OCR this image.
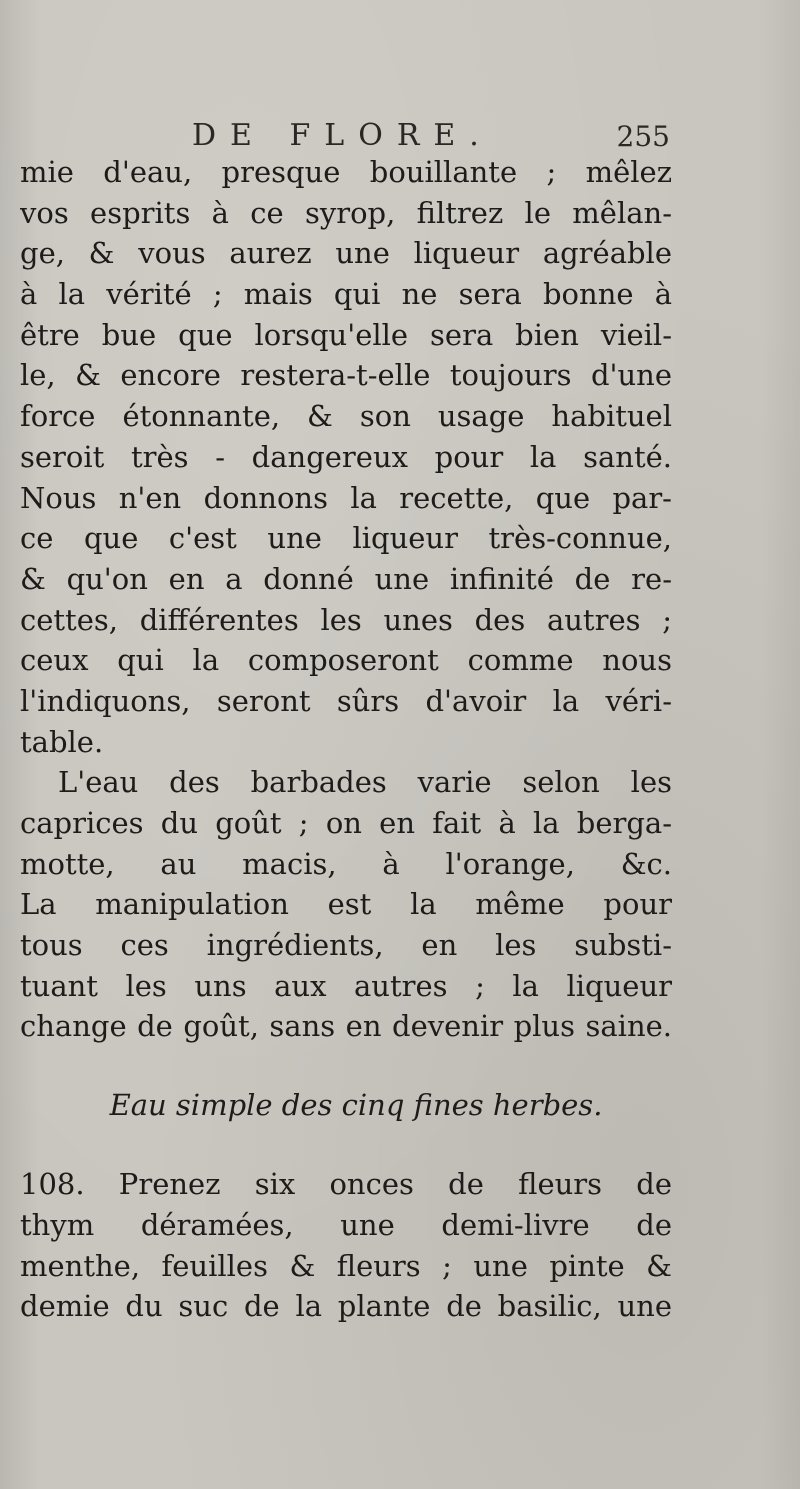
DE FLORE.	255
mie d'eau, presque bouillante ; mêlez
vos esprits à ce syrop, filtrez le mêlan-
ge, & vous aurez une liqueur agréable
à la vérité ; mais qui ne sera bonne à
être bue que lorsqu'elle sera bien vieil-
le, & encore restera-t-elle toujours d'une
force étonnante, & son usage habituel
seroit très - dangereux pour la santé.
Nous n'en donnons la recette, que par-
ce que c'est une liqueur très-connue,
& qu'on en a donné une infinité de re-
cettes, différentes les unes des autres ;
ceux qui la composeront comme nous
l'indiquons, seront sûrs d'avoir la véri-
table.
L'eau des barbades varie selon les
caprices du goût ; on en fait à la berga-
motte, au macis, à l'orange, &c.
La manipulation est la même pour
tous ces ingrédients, en les substi-
tuant les uns aux autres ; la liqueur
change de goût, sans en devenir plus saine.
Eau simple des cinq fines herbes.
108. Prenez six onces de fleurs de
thym déramées, une demi-livre de
menthe, feuilles & fleurs ; une pinte &
demie du suc de la plante de basilic, une
